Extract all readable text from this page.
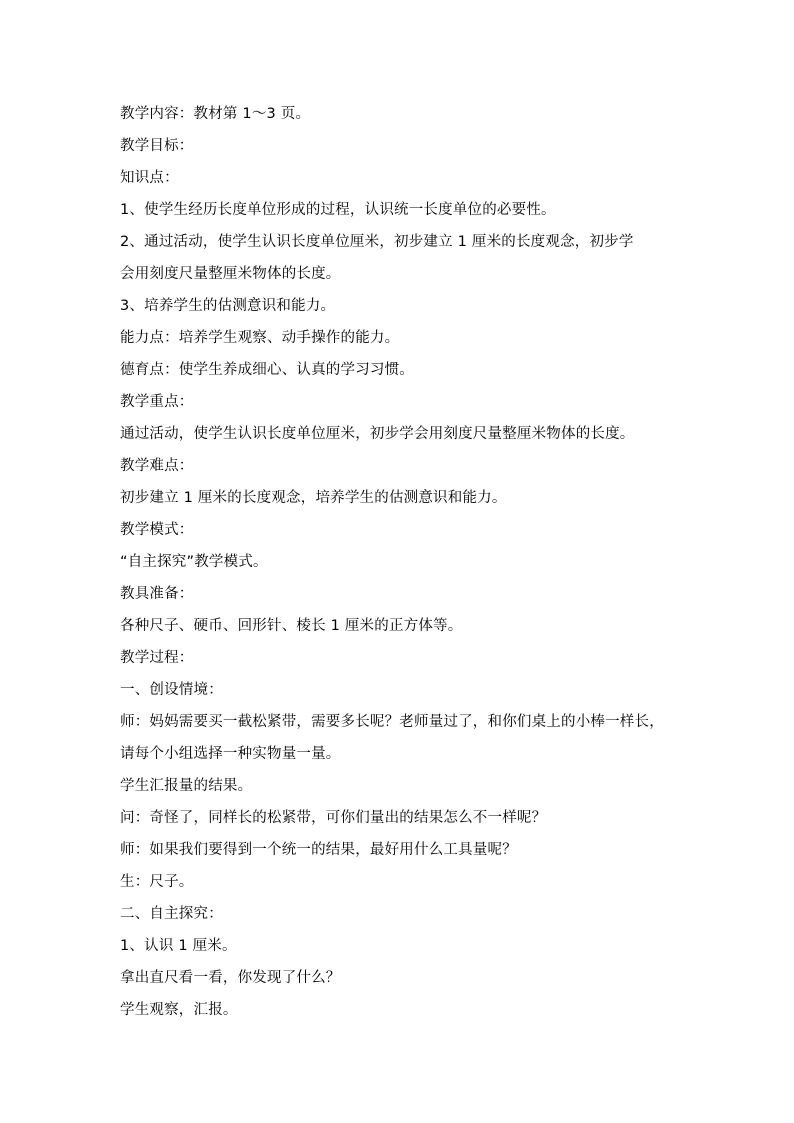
教学内容：教材第 1～3 页。
教学目标：
知识点：
1、使学生经历长度单位形成的过程，认识统一长度单位的必要性。
2、通过活动，使学生认识长度单位厘米，初步建立 1 厘米的长度观念，初步学
会用刻度尺量整厘米物体的长度。
3、培养学生的估测意识和能力。
能力点：培养学生观察、动手操作的能力。
德育点：使学生养成细心、认真的学习习惯。
教学重点：
通过活动，使学生认识长度单位厘米，初步学会用刻度尺量整厘米物体的长度。
教学难点：
初步建立 1 厘米的长度观念，培养学生的估测意识和能力。
教学模式：
“自主探究”教学模式。
教具准备：
各种尺子、硬币、回形针、棱长 1 厘米的正方体等。
教学过程：
一、创设情境：
师：妈妈需要买一截松紧带，需要多长呢？老师量过了，和你们桌上的小棒一样长，
请每个小组选择一种实物量一量。
学生汇报量的结果。
问：奇怪了，同样长的松紧带，可你们量出的结果怎么不一样呢？
师：如果我们要得到一个统一的结果，最好用什么工具量呢？
生：尺子。
二、自主探究：
1、认识 1 厘米。
拿出直尺看一看，你发现了什么？
学生观察，汇报。
